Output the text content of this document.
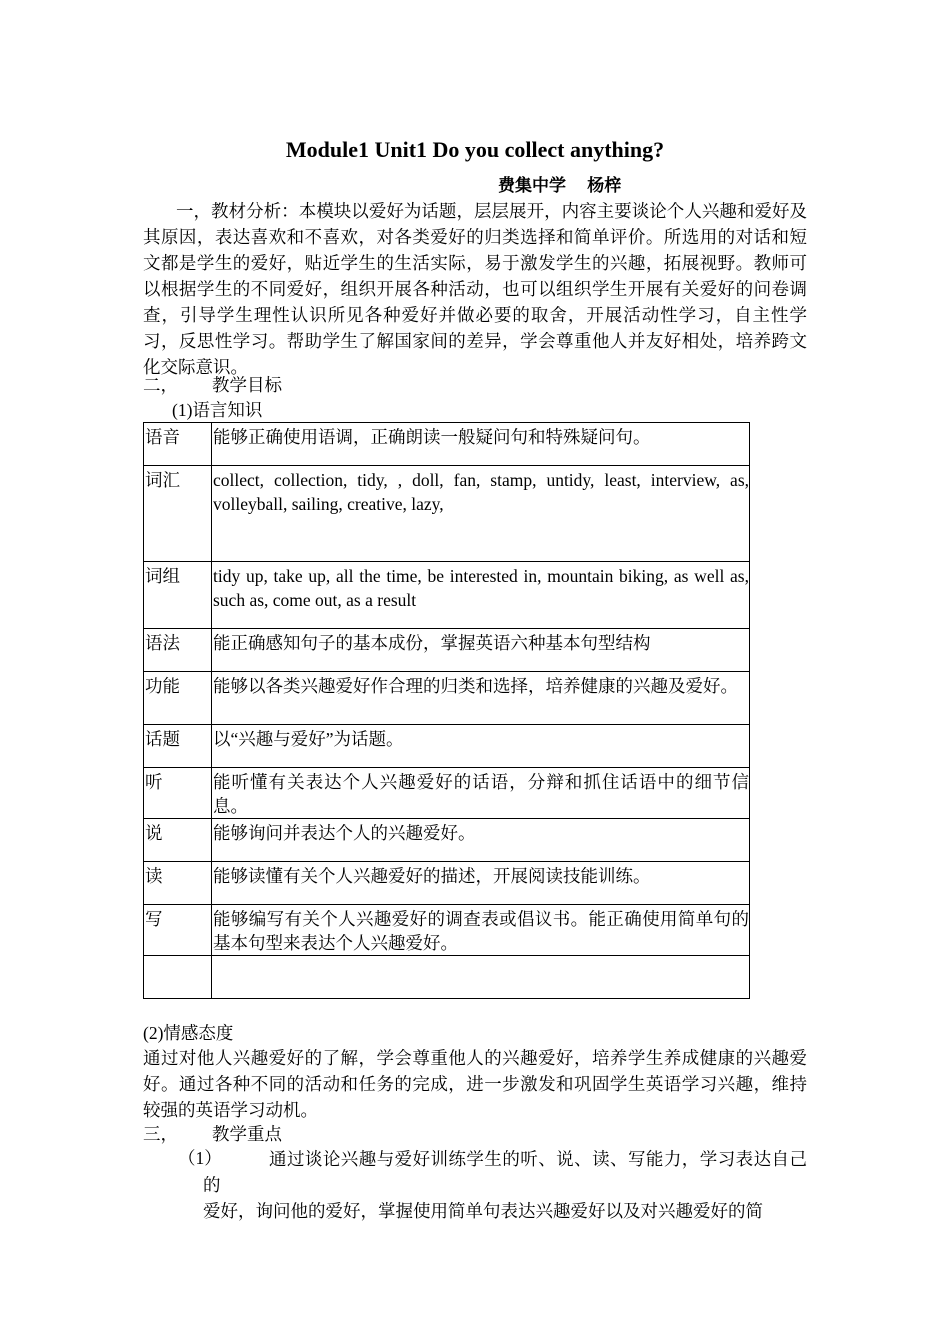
Module1 Unit1 Do you collect anything?
费集中学     杨梓
一，教材分析：本模块以爱好为话题，层层展开，内容主要谈论个人兴趣和爱好及其原因，表达喜欢和不喜欢，对各类爱好的归类选择和简单评价。所选用的对话和短文都是学生的爱好，贴近学生的生活实际，易于激发学生的兴趣，拓展视野。教师可以根据学生的不同爱好，组织开展各种活动，也可以组织学生开展有关爱好的问卷调查，引导学生理性认识所见各种爱好并做必要的取舍，开展活动性学习，自主性学习，反思性学习。帮助学生了解国家间的差异，学会尊重他人并友好相处，培养跨文化交际意识。
二， 教学目标
(1)语言知识
语音	能够正确使用语调，正确朗读一般疑问句和特殊疑问句。
词汇	collect, collection, tidy, , doll, fan, stamp, untidy, least, interview, as, volleyball, sailing, creative, lazy,
词组	tidy up, take up, all the time, be interested in, mountain biking, as well as, such as, come out, as a result
语法	能正确感知句子的基本成份，掌握英语六种基本句型结构
功能	能够以各类兴趣爱好作合理的归类和选择，培养健康的兴趣及爱好。
话题	以“兴趣与爱好”为话题。
听	能听懂有关表达个人兴趣爱好的话语，分辩和抓住话语中的细节信息。
说	能够询问并表达个人的兴趣爱好。
读	能够读懂有关个人兴趣爱好的描述，开展阅读技能训练。
写	能够编写有关个人兴趣爱好的调查表或倡议书。能正确使用简单句的基本句型来表达个人兴趣爱好。

(2)情感态度
通过对他人兴趣爱好的了解，学会尊重他人的兴趣爱好，培养学生养成健康的兴趣爱好。通过各种不同的活动和任务的完成，进一步激发和巩固学生英语学习兴趣，维持较强的英语学习动机。
三， 教学重点
（1）	通过谈论兴趣与爱好训练学生的听、说、读、写能力，学习表达自己的
爱好，询问他的爱好，掌握使用简单句表达兴趣爱好以及对兴趣爱好的简
